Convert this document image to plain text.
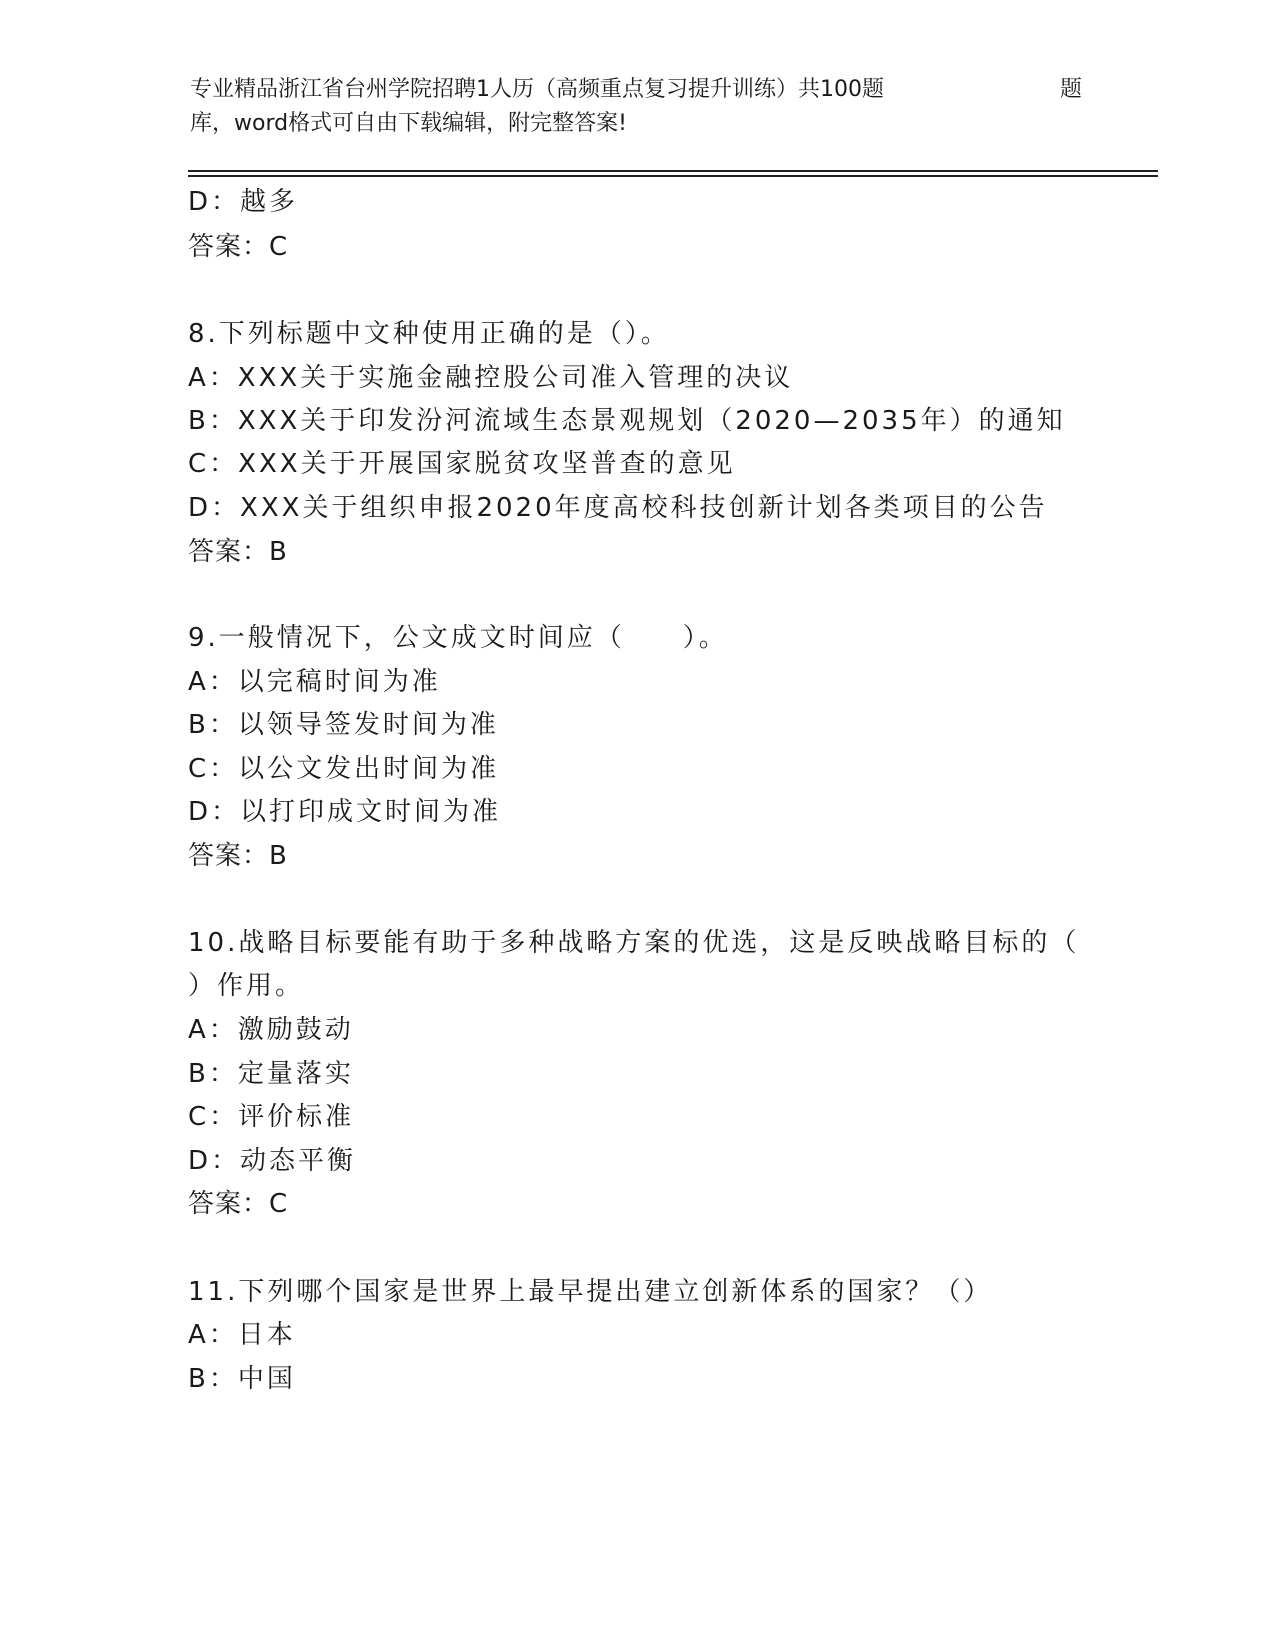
专业精品浙江省台州学院招聘1人历（高频重点复习提升训练）共100题	题
库，word格式可自由下载编辑，附完整答案!
D：越多
答案：C
8.下列标题中文种使用正确的是（）。
A：XXX关于实施金融控股公司准入管理的决议
B：XXX关于印发汾河流域生态景观规划（2020—2035年）的通知
C：XXX关于开展国家脱贫攻坚普查的意见
D：XXX关于组织申报2020年度高校科技创新计划各类项目的公告
答案：B
9.一般情况下，公文成文时间应（　　）。
A：以完稿时间为准
B：以领导签发时间为准
C：以公文发出时间为准
D：以打印成文时间为准
答案：B
10.战略目标要能有助于多种战略方案的优选，这是反映战略目标的（
）作用。
A：激励鼓动
B：定量落实
C：评价标准
D：动态平衡
答案：C
11.下列哪个国家是世界上最早提出建立创新体系的国家？（）
A：日本
B：中国
